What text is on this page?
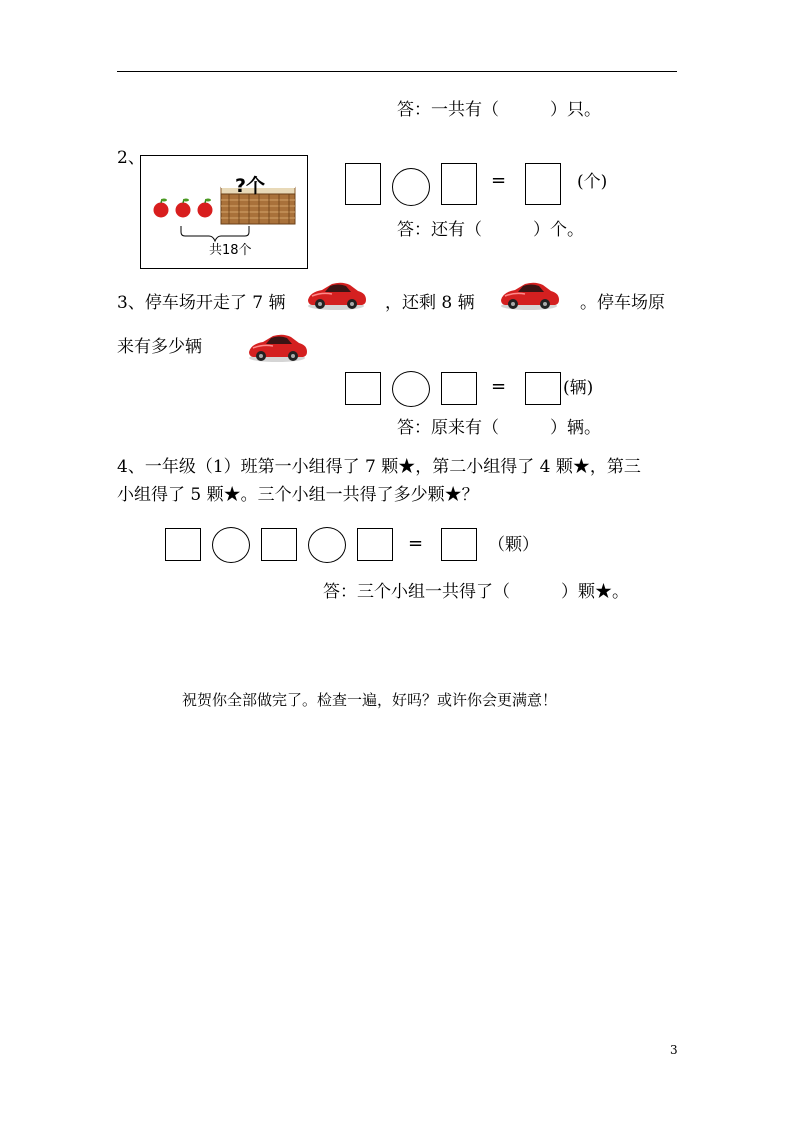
答：一共有（　　　）只。
2、
?个
共18个
=	(个)
答：还有（　　　）个。
3、停车场开走了 7 辆	，还剩 8 辆	。停车场原
来有多少辆
=	(辆)
答：原来有（　　　）辆。
4、一年级（1）班第一小组得了 7 颗★，第二小组得了 4 颗★，第三
小组得了 5 颗★。三个小组一共得了多少颗★？
=	（颗）
答：三个小组一共得了（　　　）颗★。
祝贺你全部做完了。检查一遍，好吗？或许你会更满意！
3
